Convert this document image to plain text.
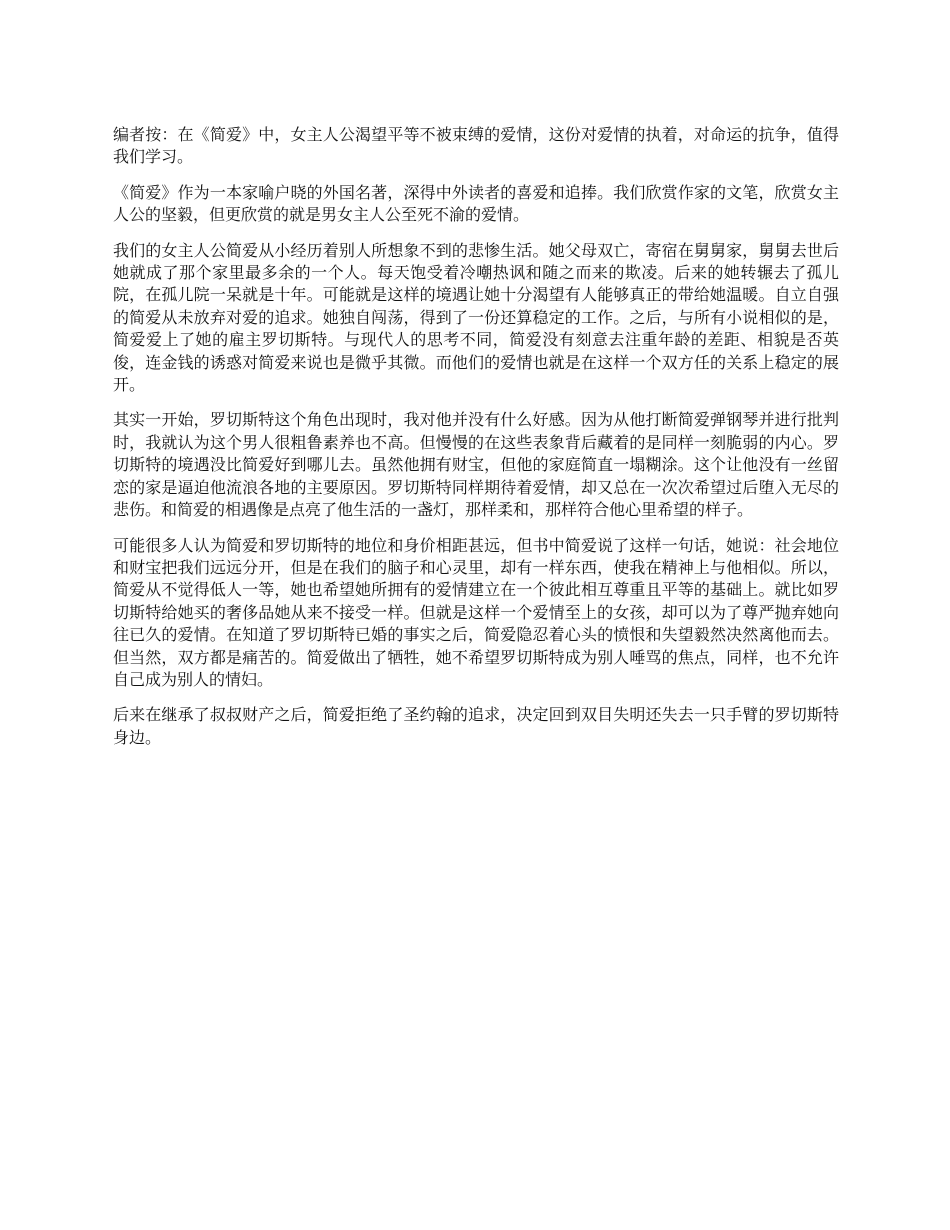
编者按：在《简爱》中，女主人公渴望平等不被束缚的爱情，这份对爱情的执着，对命运的抗争，值得我们学习。

《简爱》作为一本家喻户晓的外国名著，深得中外读者的喜爱和追捧。我们欣赏作家的文笔，欣赏女主人公的坚毅，但更欣赏的就是男女主人公至死不渝的爱情。

我们的女主人公简爱从小经历着别人所想象不到的悲惨生活。她父母双亡，寄宿在舅舅家，舅舅去世后她就成了那个家里最多余的一个人。每天饱受着冷嘲热讽和随之而来的欺凌。后来的她转辗去了孤儿院，在孤儿院一呆就是十年。可能就是这样的境遇让她十分渴望有人能够真正的带给她温暖。自立自强的简爱从未放弃对爱的追求。她独自闯荡，得到了一份还算稳定的工作。之后，与所有小说相似的是，简爱爱上了她的雇主罗切斯特。与现代人的思考不同，简爱没有刻意去注重年龄的差距、相貌是否英俊，连金钱的诱惑对简爱来说也是微乎其微。而他们的爱情也就是在这样一个双方任的关系上稳定的展开。

其实一开始，罗切斯特这个角色出现时，我对他并没有什么好感。因为从他打断简爱弹钢琴并进行批判时，我就认为这个男人很粗鲁素养也不高。但慢慢的在这些表象背后藏着的是同样一刻脆弱的内心。罗切斯特的境遇没比简爱好到哪儿去。虽然他拥有财宝，但他的家庭简直一塌糊涂。这个让他没有一丝留恋的家是逼迫他流浪各地的主要原因。罗切斯特同样期待着爱情，却又总在一次次希望过后堕入无尽的悲伤。和简爱的相遇像是点亮了他生活的一盏灯，那样柔和，那样符合他心里希望的样子。

可能很多人认为简爱和罗切斯特的地位和身价相距甚远，但书中简爱说了这样一句话，她说：社会地位和财宝把我们远远分开，但是在我们的脑子和心灵里，却有一样东西，使我在精神上与他相似。所以，简爱从不觉得低人一等，她也希望她所拥有的爱情建立在一个彼此相互尊重且平等的基础上。就比如罗切斯特给她买的奢侈品她从来不接受一样。但就是这样一个爱情至上的女孩，却可以为了尊严抛弃她向往已久的爱情。在知道了罗切斯特已婚的事实之后，简爱隐忍着心头的愤恨和失望毅然决然离他而去。但当然，双方都是痛苦的。简爱做出了牺牲，她不希望罗切斯特成为别人唾骂的焦点，同样，也不允许自己成为别人的情妇。

后来在继承了叔叔财产之后，简爱拒绝了圣约翰的追求，决定回到双目失明还失去一只手臂的罗切斯特身边。
